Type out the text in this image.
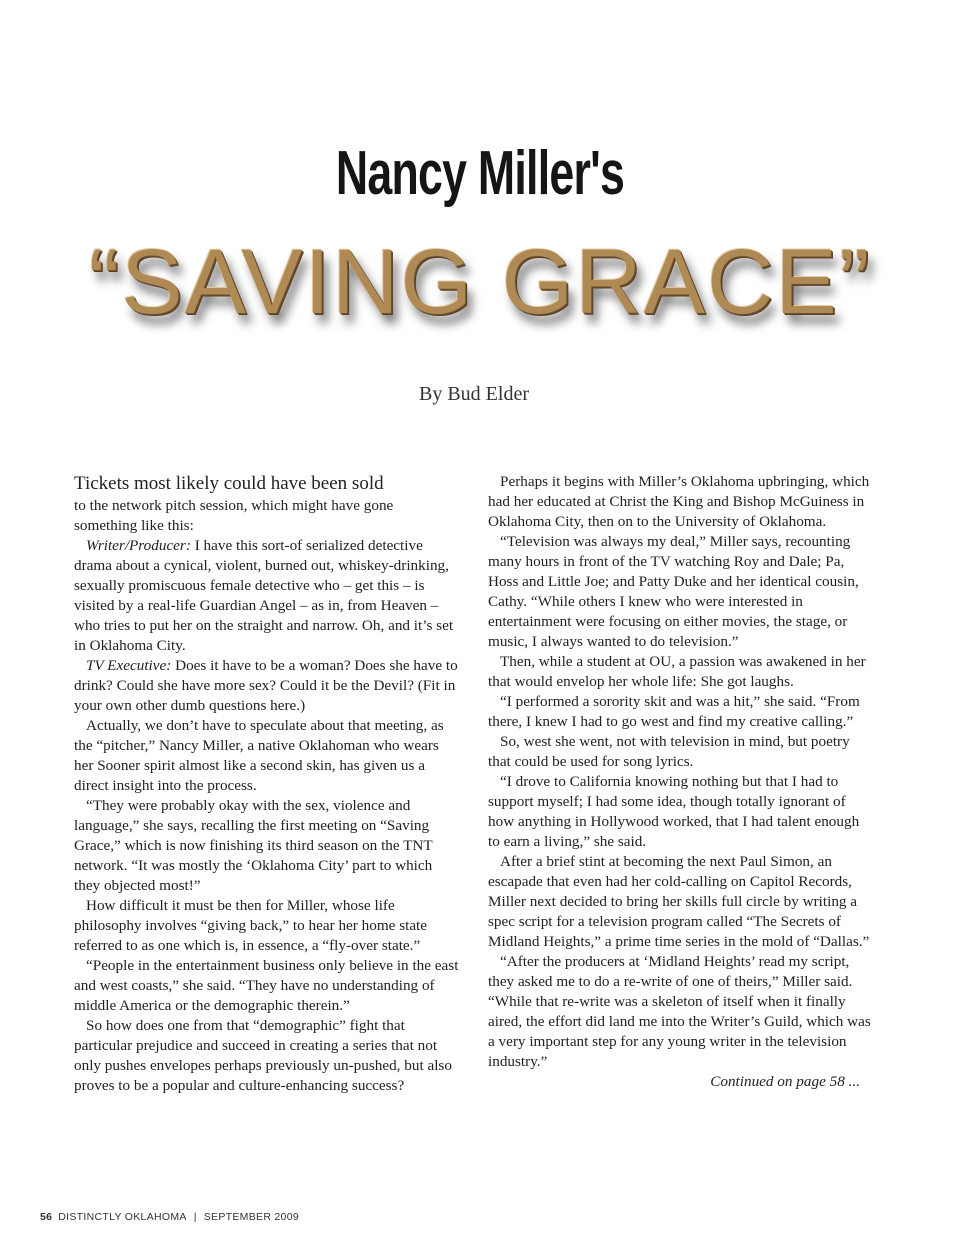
Nancy Miller's
“SAVING GRACE”
By Bud Elder

Tickets most likely could have been sold
to the network pitch session, which might have gone something like this:

Writer/Producer: I have this sort-of serialized detective drama about a cynical, violent, burned out, whiskey-drinking, sexually promiscuous female detective who – get this – is visited by a real-life Guardian Angel – as in, from Heaven – who tries to put her on the straight and narrow. Oh, and it’s set in Oklahoma City.

TV Executive: Does it have to be a woman? Does she have to drink? Could she have more sex? Could it be the Devil? (Fit in your own other dumb questions here.)

Actually, we don’t have to speculate about that meeting, as the “pitcher,” Nancy Miller, a native Oklahoman who wears her Sooner spirit almost like a second skin, has given us a direct insight into the process.

“They were probably okay with the sex, violence and language,” she says, recalling the first meeting on “Saving Grace,” which is now finishing its third season on the TNT network. “It was mostly the ‘Oklahoma City’ part to which they objected most!”

How difficult it must be then for Miller, whose life philosophy involves “giving back,” to hear her home state referred to as one which is, in essence, a “fly-over state.”

“People in the entertainment business only believe in the east and west coasts,” she said. “They have no understanding of middle America or the demographic therein.”

So how does one from that “demographic” fight that particular prejudice and succeed in creating a series that not only pushes envelopes perhaps previously un-pushed, but also proves to be a popular and culture-enhancing success?

Perhaps it begins with Miller’s Oklahoma upbringing, which had her educated at Christ the King and Bishop McGuiness in Oklahoma City, then on to the University of Oklahoma.

“Television was always my deal,” Miller says, recounting many hours in front of the TV watching Roy and Dale; Pa, Hoss and Little Joe; and Patty Duke and her identical cousin, Cathy. “While others I knew who were interested in entertainment were focusing on either movies, the stage, or music, I always wanted to do television.”

Then, while a student at OU, a passion was awakened in her that would envelop her whole life: She got laughs.

“I performed a sorority skit and was a hit,” she said. “From there, I knew I had to go west and find my creative calling.”

So, west she went, not with television in mind, but poetry that could be used for song lyrics.

“I drove to California knowing nothing but that I had to support myself; I had some idea, though totally ignorant of how anything in Hollywood worked, that I had talent enough to earn a living,” she said.

After a brief stint at becoming the next Paul Simon, an escapade that even had her cold-calling on Capitol Records, Miller next decided to bring her skills full circle by writing a spec script for a television program called “The Secrets of Midland Heights,” a prime time series in the mold of “Dallas.”

“After the producers at ‘Midland Heights’ read my script, they asked me to do a re-write of one of theirs,” Miller said. “While that re-write was a skeleton of itself when it finally aired, the effort did land me into the Writer’s Guild, which was a very important step for any young writer in the television industry.”

Continued on page 58 ...

56 DISTINCTLY OKLAHOMA | SEPTEMBER 2009
